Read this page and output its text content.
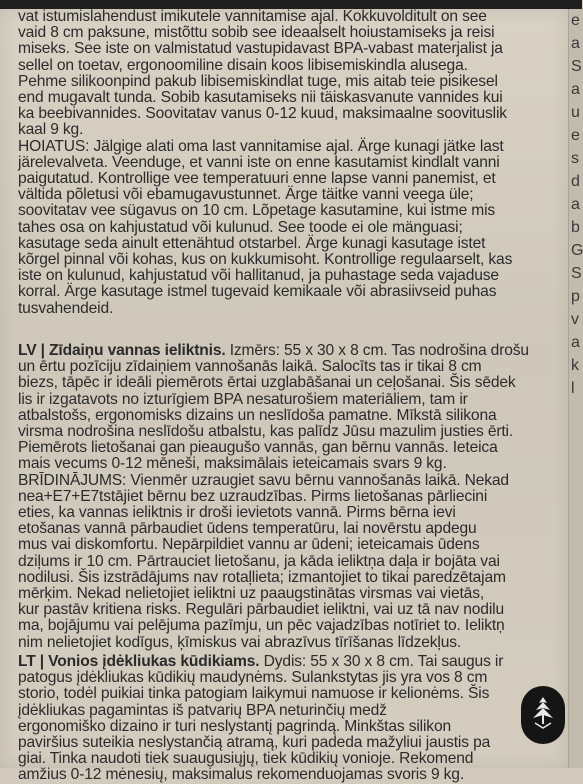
e
a
S
a
u
e
s
d
a
b
G
S
p
v
a
k
l

vat istumislahendust imikutele vannitamise ajal. Kokkuvolditult on see

vaid 8 cm paksune, mistõttu sobib see ideaalselt hoiustamiseks ja reisi

miseks. See iste on valmistatud vastupidavast BPA-vabast materjalist ja

sellel on toetav, ergonoomiline disain koos libisemiskindla alusega.

Pehme silikoonpind pakub libisemiskindlat tuge, mis aitab teie pisikesel

end mugavalt tunda. Sobib kasutamiseks nii täiskasvanute vannides kui

ka beebivannides. Soovitatav vanus 0-12 kuud, maksimaalne soovituslik

kaal 9 kg.

HOIATUS: Jälgige alati oma last vannitamise ajal. Ärge kunagi jätke last

järelevalveta. Veenduge, et vanni iste on enne kasutamist kindlalt vanni

paigutatud. Kontrollige vee temperatuuri enne lapse vanni panemist, et

vältida põletusi või ebamugavustunnet. Ärge täitke vanni veega üle;

soovitatav vee sügavus on 10 cm. Lõpetage kasutamine, kui istme mis

tahes osa on kahjustatud või kulunud. See toode ei ole mänguasi;

kasutage seda ainult ettenähtud otstarbel. Ärge kunagi kasutage istet

kõrgel pinnal või kohas, kus on kukkumisoht. Kontrollige regulaarselt, kas

iste on kulunud, kahjustatud või hallitanud, ja puhastage seda vajaduse

korral. Ärge kasutage istmel tugevaid kemikaale või abrasiivseid puhas

tusvahendeid.

LV | Zīdaiņu vannas ieliktnis. Izmērs: 55 x 30 x 8 cm. Tas nodrošina drošu

un ērtu pozīciju zīdaiņiem vannošanās laikā. Salocīts tas ir tikai 8 cm

biezs, tāpēc ir ideāli piemērots ērtai uzglabāšanai un ceļošanai. Šis sēdek

lis ir izgatavots no izturīgiem BPA nesaturošiem materiāliem, tam ir

atbalstošs, ergonomisks dizains un neslīdoša pamatne. Mīkstā silikona

virsma nodrošina neslīdošu atbalstu, kas palīdz Jūsu mazulim justies ērti.

Piemērots lietošanai gan pieaugušo vannās, gan bērnu vannās. Ieteica

mais vecums 0-12 mēneši, maksimālais ieteicamais svars 9 kg.

BRĪDINĀJUMS: Vienmēr uzraugiet savu bērnu vannošanās laikā. Nekad

nea+E7+E7tstājiet bērnu bez uzraudzības. Pirms lietošanas pārliecini

eties, ka vannas ieliktnis ir droši ievietots vannā. Pirms bērna ievi

etošanas vannā pārbaudiet ūdens temperatūru, lai novērstu apdegu

mus vai diskomfortu. Nepārpildiet vannu ar ūdeni; ieteicamais ūdens

dziļums ir 10 cm. Pārtrauciet lietošanu, ja kāda ieliktņa daļa ir bojāta vai

nodilusi. Šis izstrādājums nav rotaļlieta; izmantojiet to tikai paredzētajam

mērķim. Nekad nelietojiet ieliktni uz paaugstinātas virsmas vai vietās,

kur pastāv kritiena risks. Regulāri pārbaudiet ieliktni, vai uz tā nav nodilu

ma, bojājumu vai pelējuma pazīmju, un pēc vajadzības notīriet to. Ieliktņ

nim nelietojiet kodīgus, ķīmiskus vai abrazīvus tīrīšanas līdzekļus.

LT | Vonios įdėkliukas kūdikiams. Dydis: 55 x 30 x 8 cm. Tai saugus ir

patogus įdėkliukas kūdikių maudynėms. Sulankstytas jis yra vos 8 cm

storio, todėl puikiai tinka patogiam laikymui namuose ir kelionėms. Šis

įdėkliukas pagamintas iš patvarių BPA neturinčių medž

ergonomiško dizaino ir turi neslystantį pagrindą. Minkštas silikon

paviršius suteikia neslystančią atramą, kuri padeda mažyliui jaustis pa

giai. Tinka naudoti tiek suaugusiųjų, tiek kūdikių vonioje. Rekomend

amžius 0-12 mėnesių, maksimalus rekomenduojamas svoris 9 kg.
